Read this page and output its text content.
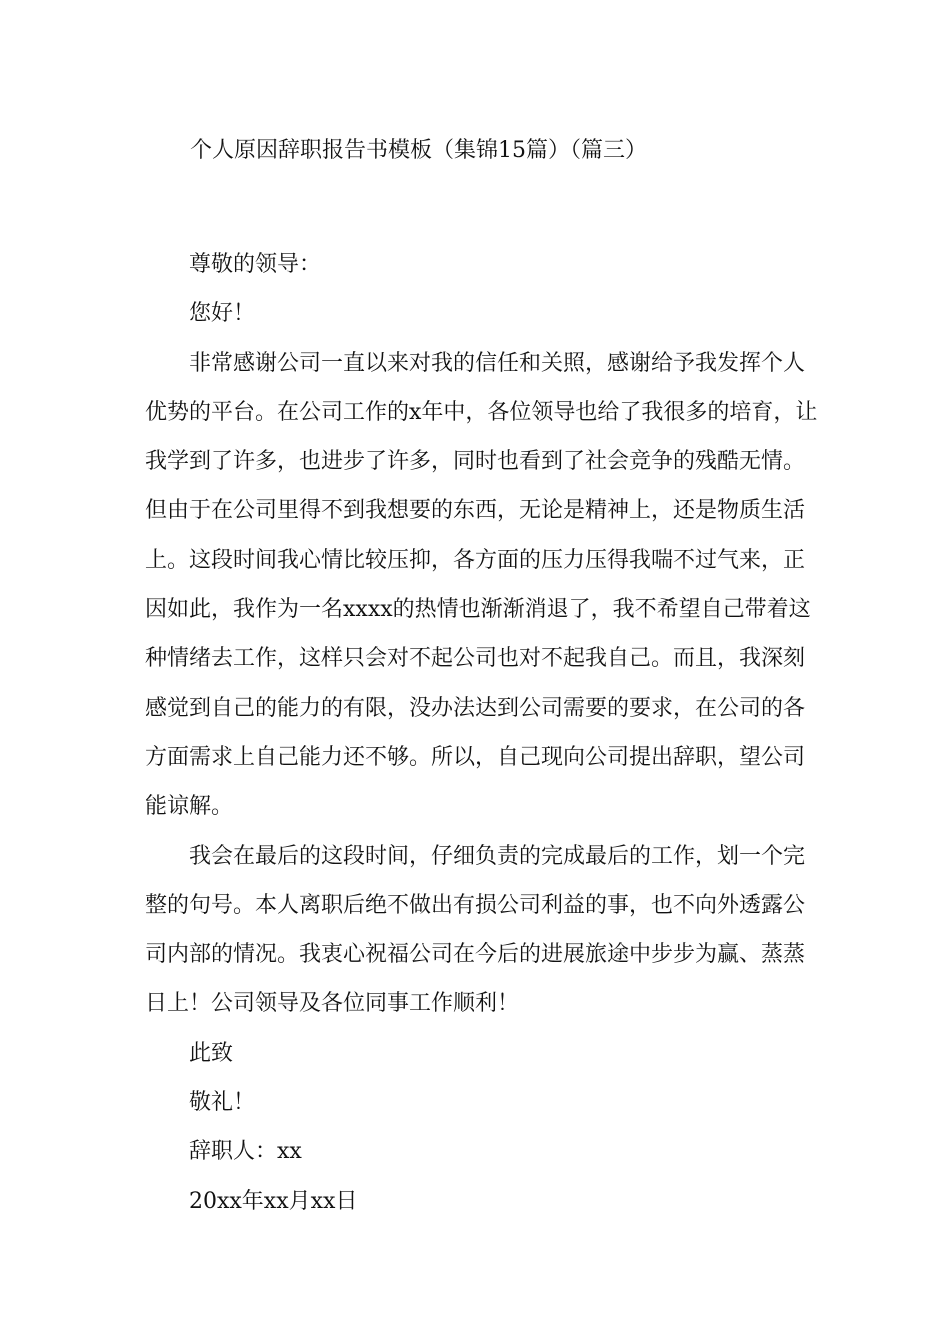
个人原因辞职报告书模板（集锦15篇）（篇三）

尊敬的领导：

您好！

非常感谢公司一直以来对我的信任和关照，感谢给予我发挥个人优势的平台。在公司工作的x年中，各位领导也给了我很多的培育，让我学到了许多，也进步了许多，同时也看到了社会竞争的残酷无情。但由于在公司里得不到我想要的东西，无论是精神上，还是物质生活上。这段时间我心情比较压抑，各方面的压力压得我喘不过气来，正因如此，我作为一名xxxx的热情也渐渐消退了，我不希望自己带着这种情绪去工作，这样只会对不起公司也对不起我自己。而且，我深刻感觉到自己的能力的有限，没办法达到公司需要的要求，在公司的各方面需求上自己能力还不够。所以，自己现向公司提出辞职，望公司能谅解。

我会在最后的这段时间，仔细负责的完成最后的工作，划一个完整的句号。本人离职后绝不做出有损公司利益的事，也不向外透露公司内部的情况。我衷心祝福公司在今后的进展旅途中步步为赢、蒸蒸日上！公司领导及各位同事工作顺利！

此致

敬礼！

辞职人：xx

20xx年xx月xx日
